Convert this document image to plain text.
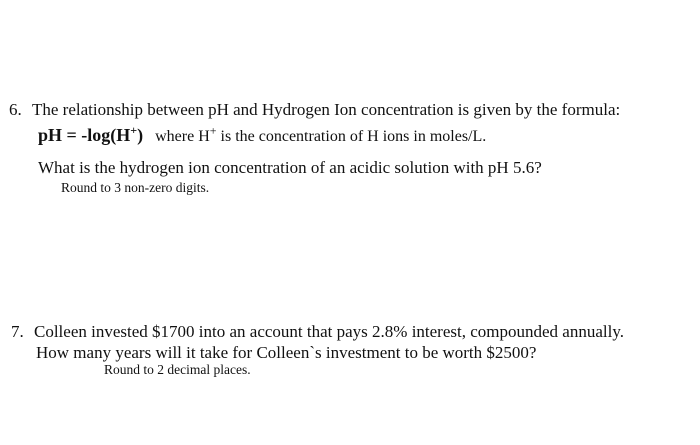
6. The relationship between pH and Hydrogen Ion concentration is given by the formula:
pH = -log(H+) where H+ is the concentration of H ions in moles/L.
What is the hydrogen ion concentration of an acidic solution with pH 5.6?
Round to 3 non-zero digits.
7. Colleen invested $1700 into an account that pays 2.8% interest, compounded annually.
How many years will it take for Colleen`s investment to be worth $2500?
Round to 2 decimal places.
